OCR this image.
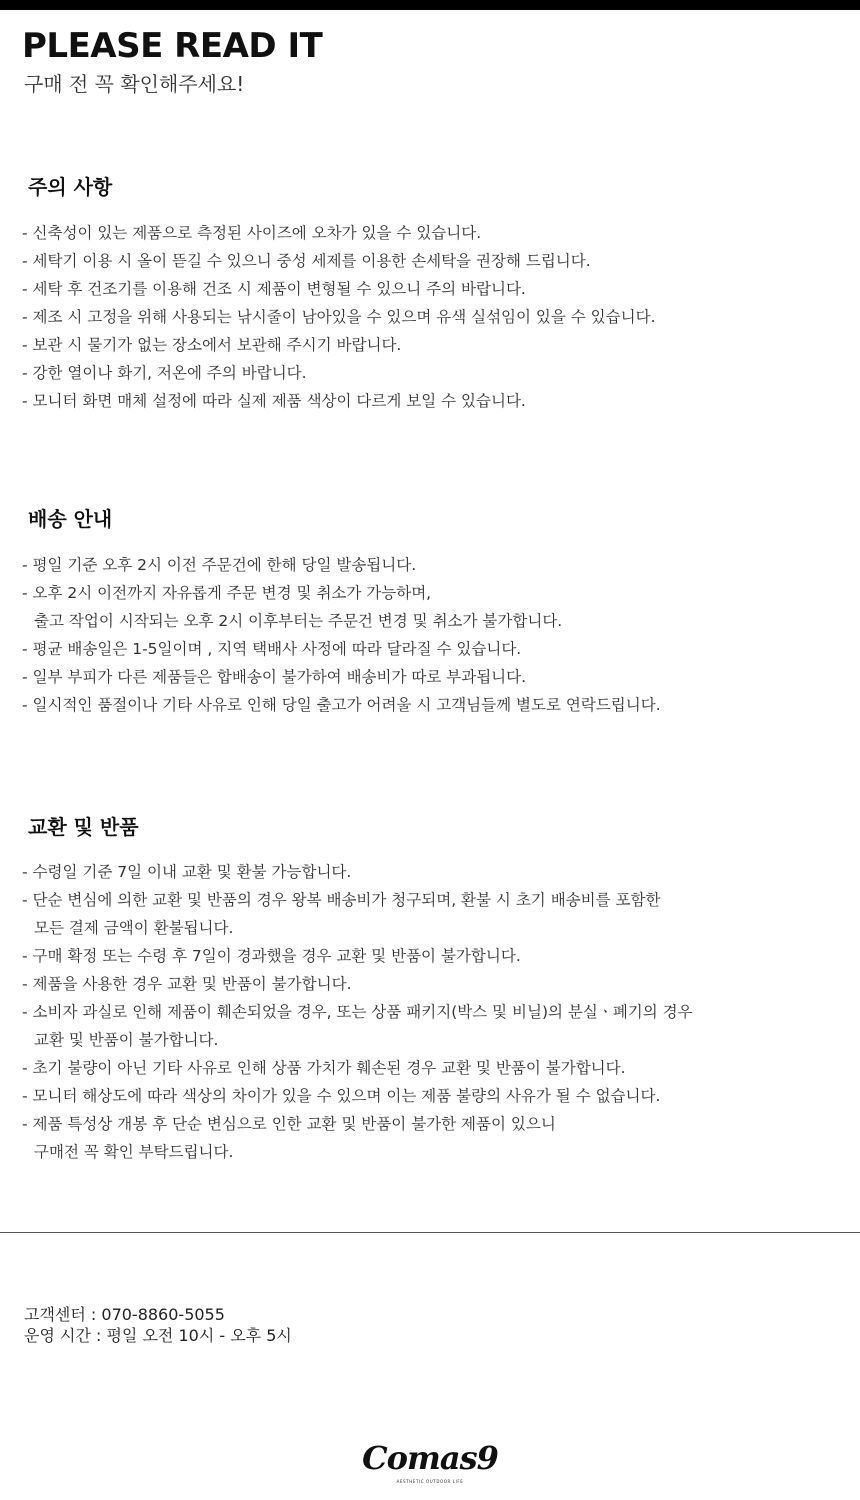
PLEASE READ IT

구매 전 꼭 확인해주세요!

주의 사항
- 신축성이 있는 제품으로 측정된 사이즈에 오차가 있을 수 있습니다.
- 세탁기 이용 시 올이 뜯길 수 있으니 중성 세제를 이용한 손세탁을 권장해 드립니다.
- 세탁 후 건조기를 이용해 건조 시 제품이 변형될 수 있으니 주의 바랍니다.
- 제조 시 고정을 위해 사용되는 낚시줄이 남아있을 수 있으며 유색 실섞임이 있을 수 있습니다.
- 보관 시 물기가 없는 장소에서 보관해 주시기 바랍니다.
- 강한 열이나 화기, 저온에 주의 바랍니다.
- 모니터 화면 매체 설정에 따라 실제 제품 색상이 다르게 보일 수 있습니다.
배송 안내
- 평일 기준 오후 2시 이전 주문건에 한해 당일 발송됩니다.
- 오후 2시 이전까지 자유롭게 주문 변경 및 취소가 가능하며,
출고 작업이 시작되는 오후 2시 이후부터는 주문건 변경 및 취소가 불가합니다.
- 평균 배송일은 1-5일이며 , 지역 택배사 사정에 따라 달라질 수 있습니다.
- 일부 부피가 다른 제품들은 합배송이 불가하여 배송비가 따로 부과됩니다.
- 일시적인 품절이나 기타 사유로 인해 당일 출고가 어려울 시 고객님들께 별도로 연락드립니다.
교환 및 반품
- 수령일 기준 7일 이내 교환 및 환불 가능합니다.
- 단순 변심에 의한 교환 및 반품의 경우 왕복 배송비가 청구되며, 환불 시 초기 배송비를 포함한
모든 결제 금액이 환불됩니다.
- 구매 확정 또는 수령 후 7일이 경과했을 경우 교환 및 반품이 불가합니다.
- 제품을 사용한 경우 교환 및 반품이 불가합니다.
- 소비자 과실로 인해 제품이 훼손되었을 경우, 또는 상품 패키지(박스 및 비닐)의 분실ㆍ폐기의 경우
교환 및 반품이 불가합니다.
- 초기 불량이 아닌 기타 사유로 인해 상품 가치가 훼손된 경우 교환 및 반품이 불가합니다.
- 모니터 해상도에 따라 색상의 차이가 있을 수 있으며 이는 제품 불량의 사유가 될 수 없습니다.
- 제품 특성상 개봉 후 단순 변심으로 인한 교환 및 반품이 불가한 제품이 있으니
구매전 꼭 확인 부탁드립니다.
고객센터 : 070-8860-5055
운영 시간 : 평일 오전 10시 - 오후 5시
Comas9
AESTHETIC OUTDOOR LIFE
